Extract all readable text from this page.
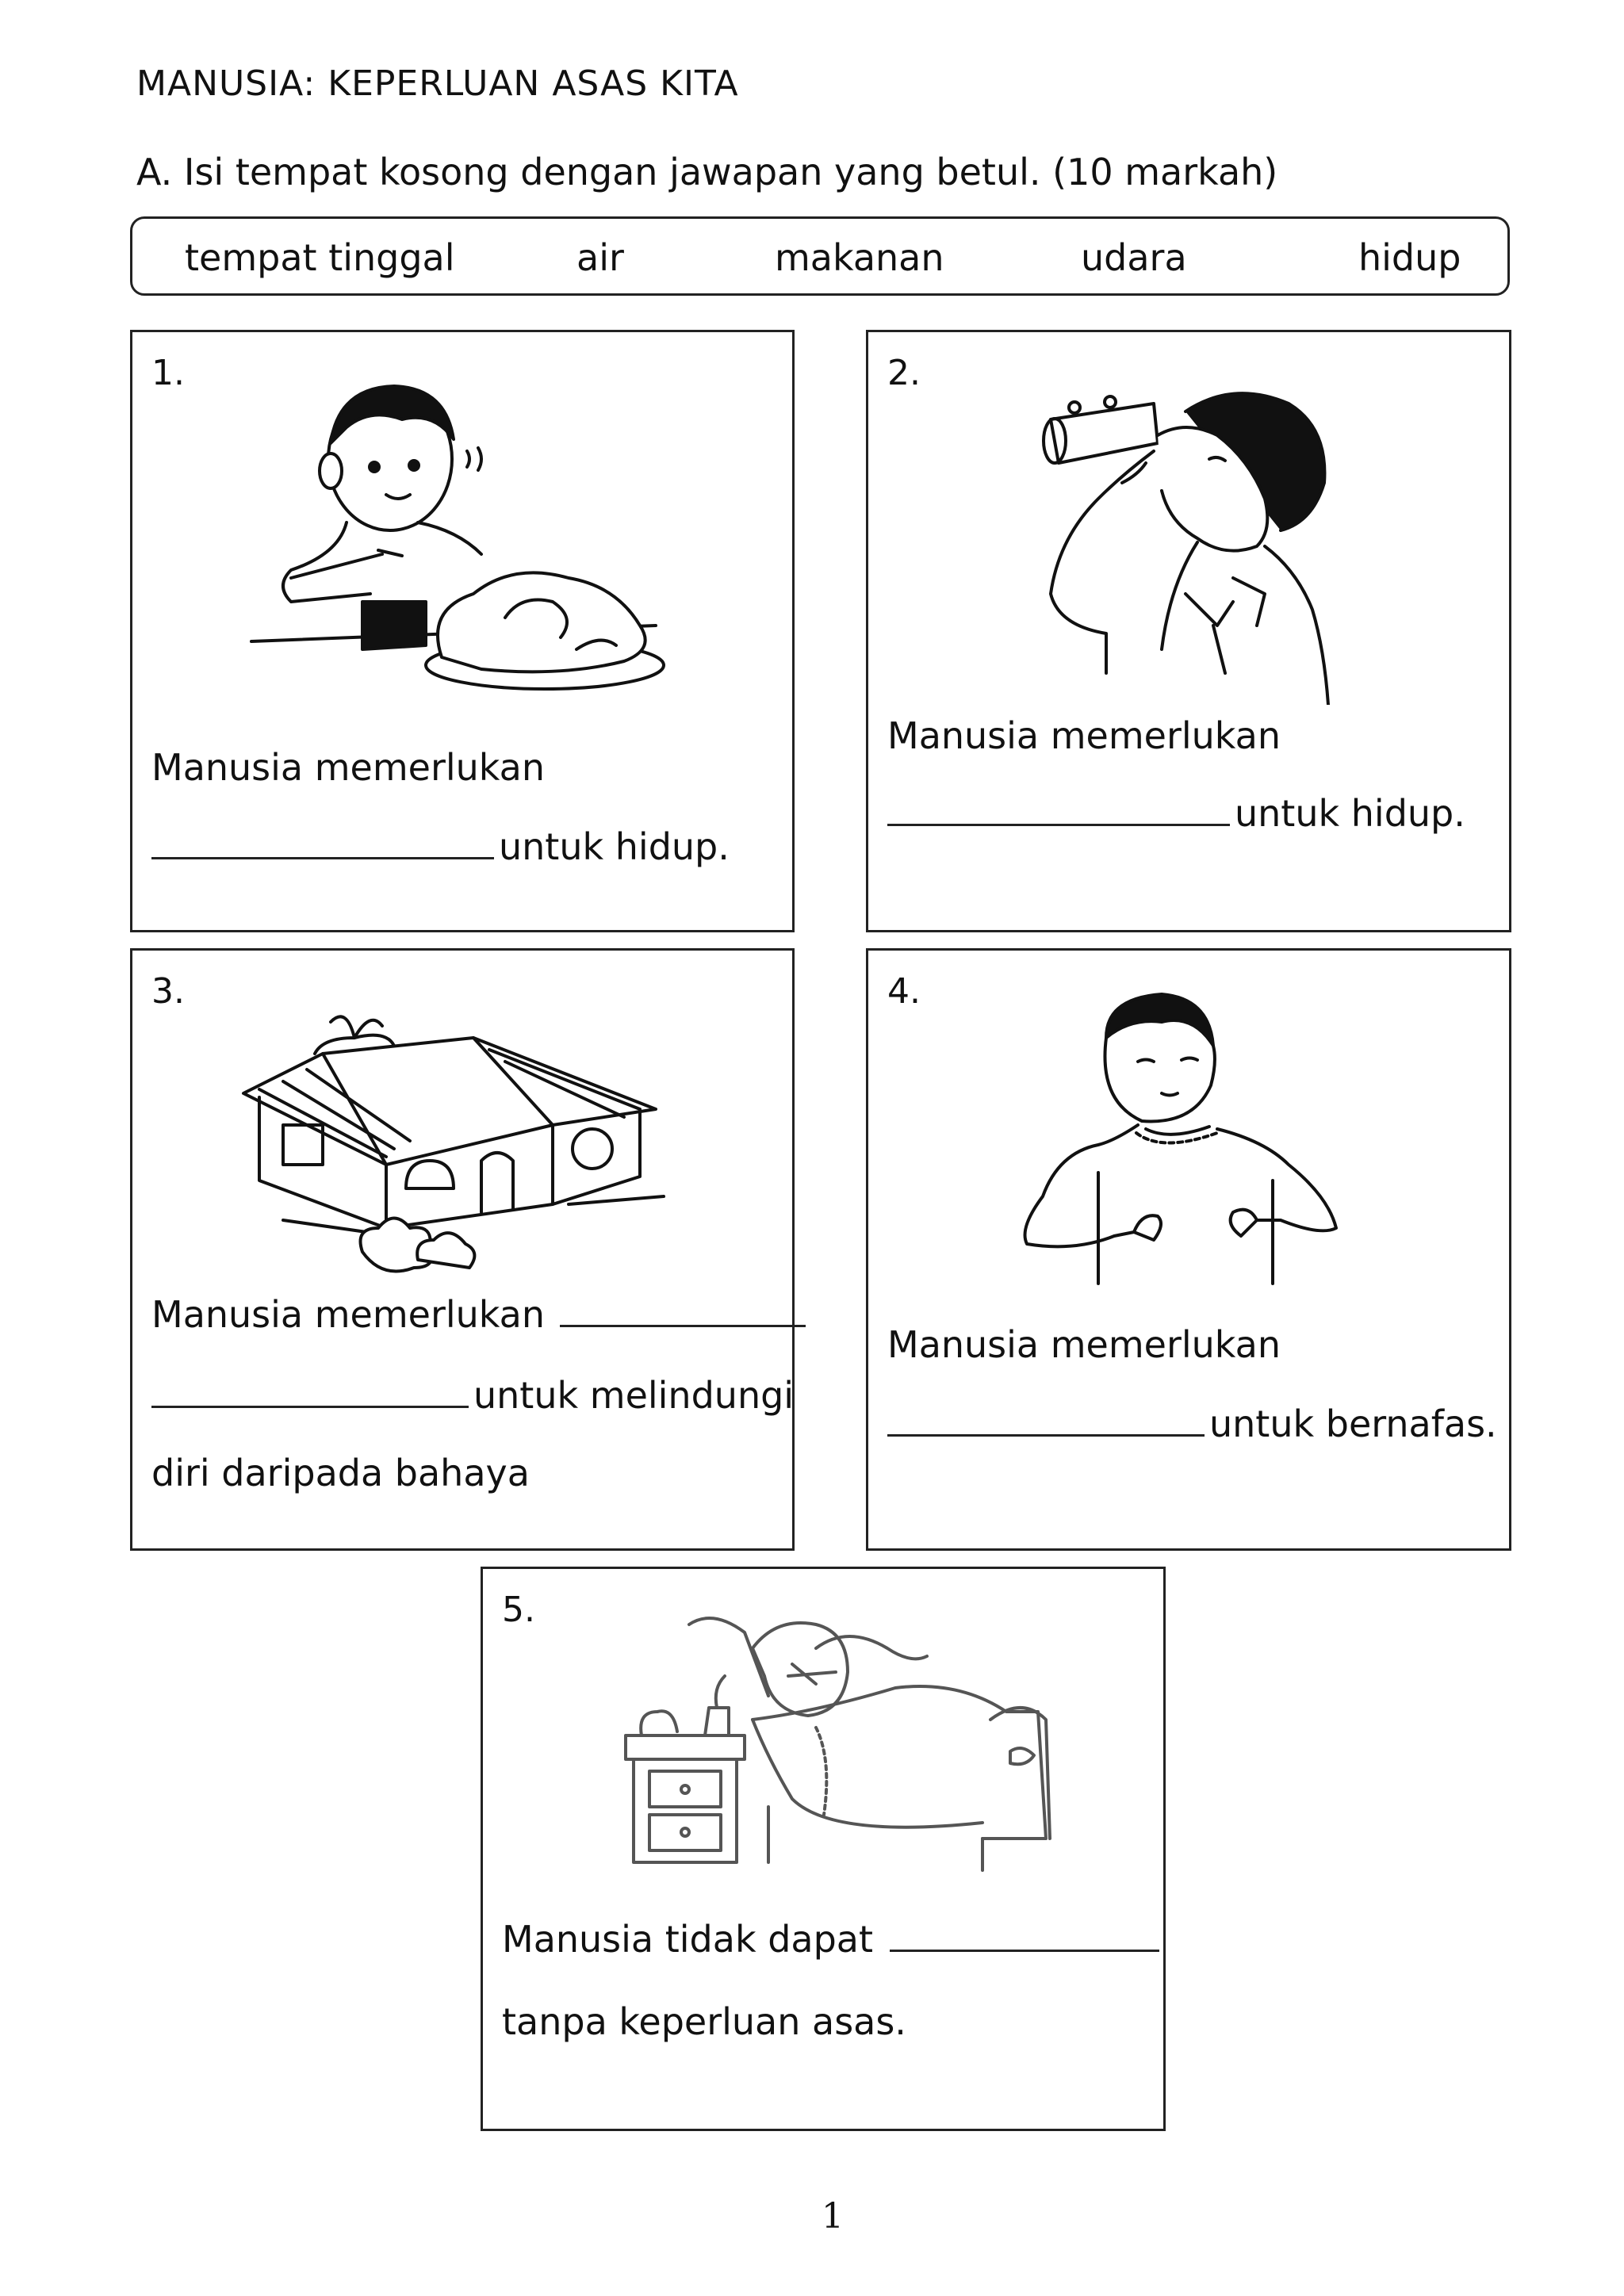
MANUSIA: KEPERLUAN ASAS KITA
A. Isi tempat kosong dengan jawapan yang betul. (10 markah)
tempat tinggal	air	makanan	udara	hidup
1.
Manusia memerlukan
untuk hidup.
2.
Manusia memerlukan
untuk hidup.
3.
Manusia memerlukan
untuk melindungi
diri daripada bahaya
4.
Manusia memerlukan
untuk bernafas.
5.
Manusia tidak dapat
tanpa keperluan asas.
1
